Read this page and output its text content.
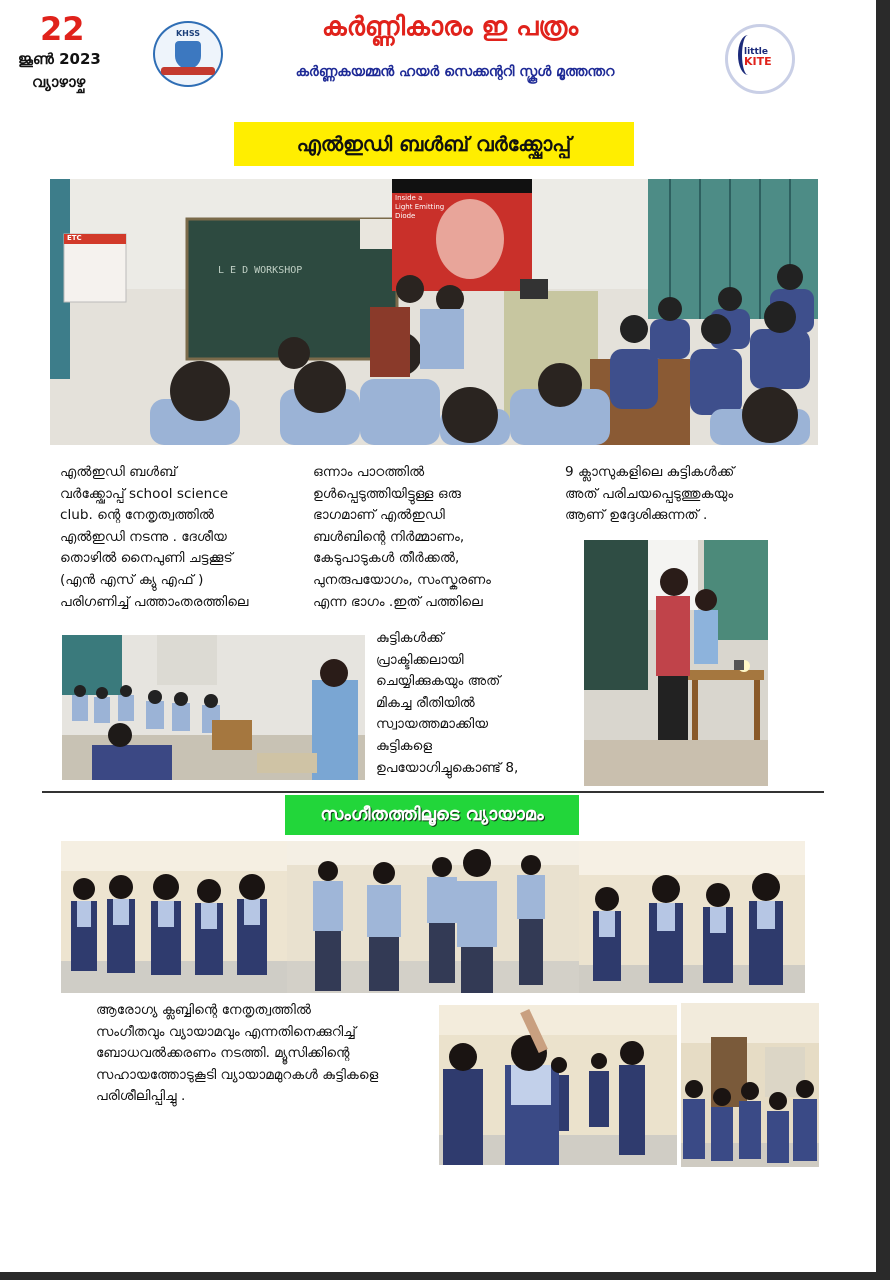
22
ജൂൺ 2023
വ്യാഴാഴ്ച
KHSS	കർണ്ണികാരം ഇ പത്രം
കർണ്ണകയമ്മൻ ഹയർ സെക്കന്ററി സ്കൂൾ മൂത്തന്തറ
little
KITE
എൽഇഡി ബൾബ് വർക്ക്ഷോപ്പ്
L E D WORKSHOP
Inside a
Light Emitting
Diode
ETC
എൽഇഡി ബൾബ്
വർക്ക്ഷോപ്പ് school science
club. ന്റെ നേതൃത്വത്തിൽ
എൽഇഡി നടന്നു . ദേശീയ
തൊഴിൽ നൈപുണി ചട്ടക്കൂട്
(എൻ എസ് ക്യു എഫ് )
പരിഗണിച്ച് പത്താംതരത്തിലെ
ഒന്നാം പാഠത്തിൽ
ഉൾപ്പെടുത്തിയിട്ടുള്ള ഒരു
ഭാഗമാണ് എൽഇഡി
ബൾബിന്റെ നിർമ്മാണം,
കേടുപാടുകൾ തീർക്കൽ,
പുനരുപയോഗം, സംസ്കരണം
എന്ന ഭാഗം .ഇത് പത്തിലെ
കുട്ടികൾക്ക്
പ്രാക്ടിക്കലായി
ചെയ്യിക്കുകയും അത്
മികച്ച രീതിയിൽ
സ്വായത്തമാക്കിയ
കുട്ടികളെ
ഉപയോഗിച്ചുകൊണ്ട് 8,
9 ക്ലാസുകളിലെ കുട്ടികൾക്ക്
അത് പരിചയപ്പെടുത്തുകയും
ആണ് ഉദ്ദേശിക്കുന്നത് .
സംഗീതത്തിലൂടെ വ്യായാമം
ആരോഗ്യ ക്ലബ്ബിന്റെ നേതൃത്വത്തിൽ
സംഗീതവും വ്യായാമവും എന്നതിനെക്കുറിച്ച്
ബോധവൽക്കരണം നടത്തി. മ്യൂസിക്കിന്റെ
സഹായത്തോടുകൂടി വ്യായാമമുറകൾ കുട്ടികളെ
പരിശീലിപ്പിച്ചു .
